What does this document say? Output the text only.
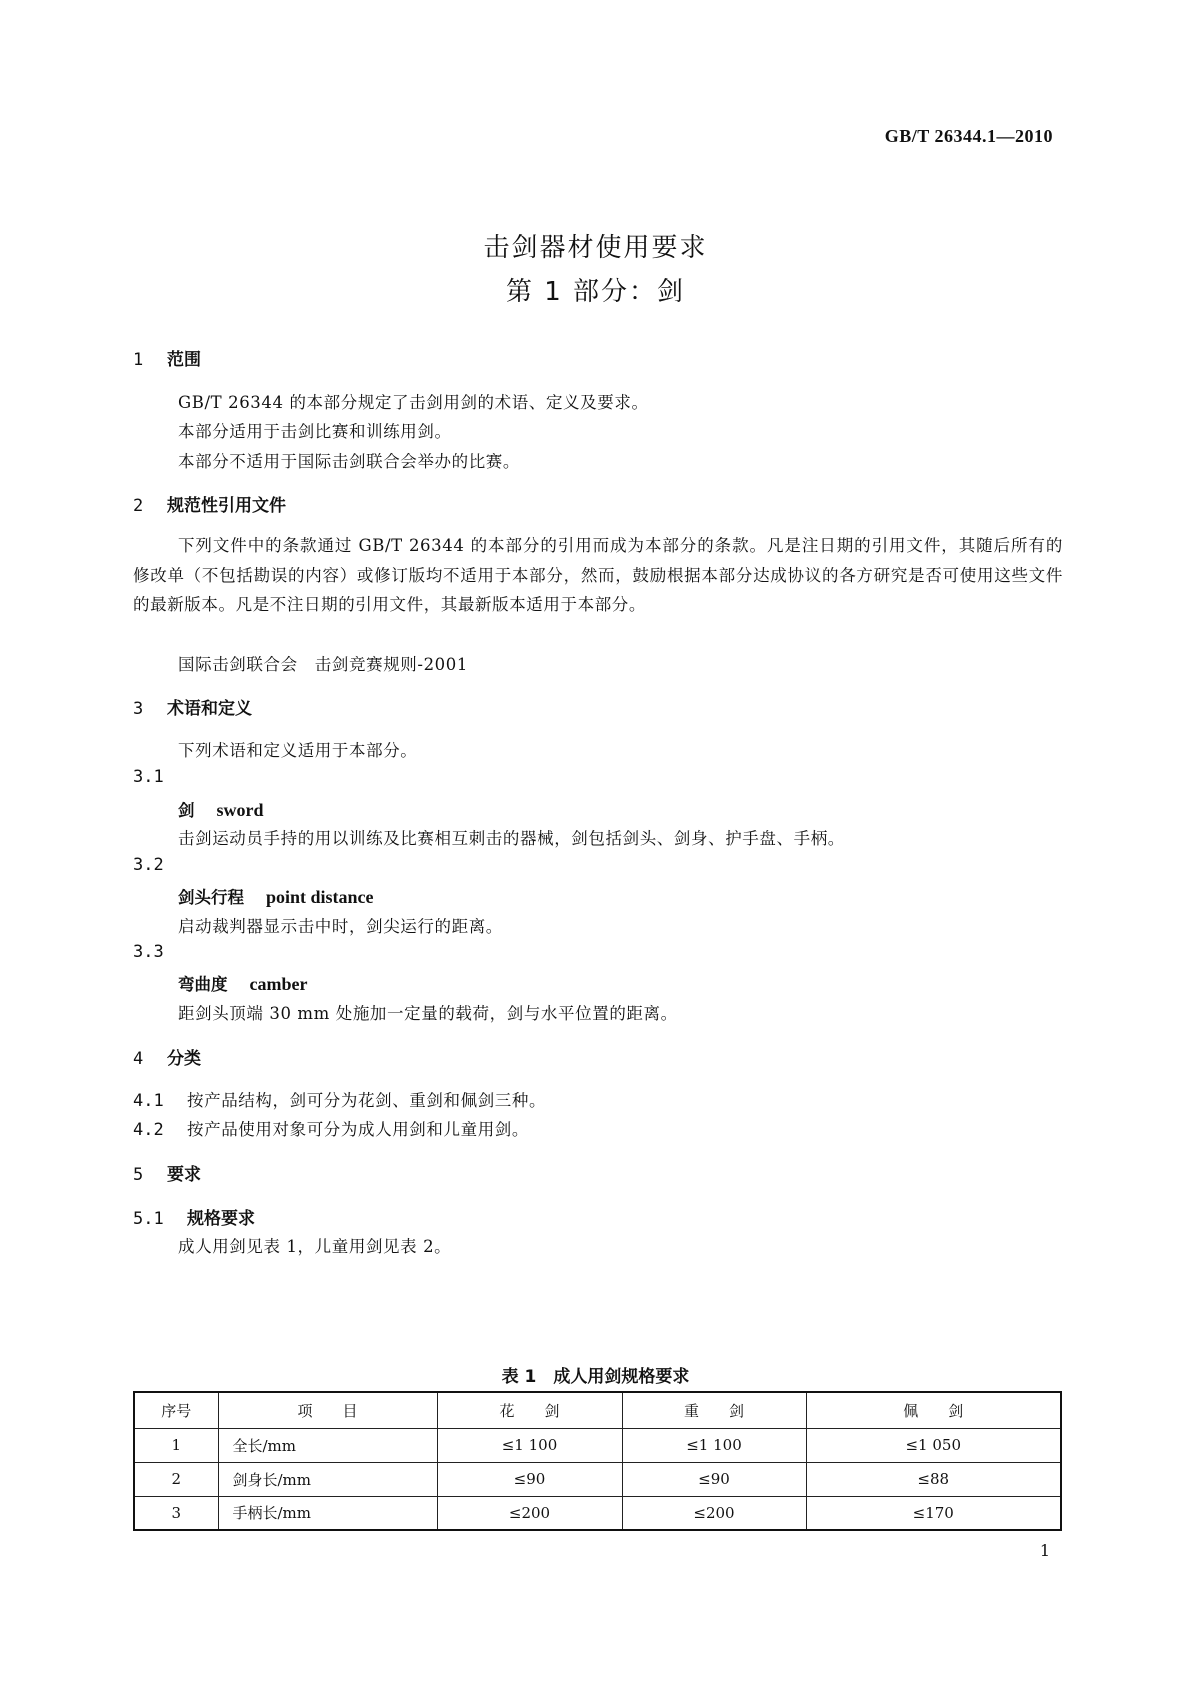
GB/T 26344.1—2010
击剑器材使用要求
第 1 部分：剑
1 范围
GB/T 26344 的本部分规定了击剑用剑的术语、定义及要求。
本部分适用于击剑比赛和训练用剑。
本部分不适用于国际击剑联合会举办的比赛。
2 规范性引用文件
下列文件中的条款通过 GB/T 26344 的本部分的引用而成为本部分的条款。凡是注日期的引用文件，其随后所有的修改单（不包括勘误的内容）或修订版均不适用于本部分，然而，鼓励根据本部分达成协议的各方研究是否可使用这些文件的最新版本。凡是不注日期的引用文件，其最新版本适用于本部分。
国际击剑联合会　击剑竞赛规则-2001
3 术语和定义
下列术语和定义适用于本部分。
3.1
剑 sword
击剑运动员手持的用以训练及比赛相互刺击的器械，剑包括剑头、剑身、护手盘、手柄。
3.2
剑头行程 point distance
启动裁判器显示击中时，剑尖运行的距离。
3.3
弯曲度 camber
距剑头顶端 30 mm 处施加一定量的载荷，剑与水平位置的距离。
4 分类
4.1 按产品结构，剑可分为花剑、重剑和佩剑三种。
4.2 按产品使用对象可分为成人用剑和儿童用剑。
5 要求
5.1 规格要求
成人用剑见表 1，儿童用剑见表 2。
表 1　成人用剑规格要求
序号	项　　目	花　　剑	重　　剑	佩　　剑
1	全长/mm	≤1 100	≤1 100	≤1 050
2	剑身长/mm	≤90	≤90	≤88
3	手柄长/mm	≤200	≤200	≤170
1
